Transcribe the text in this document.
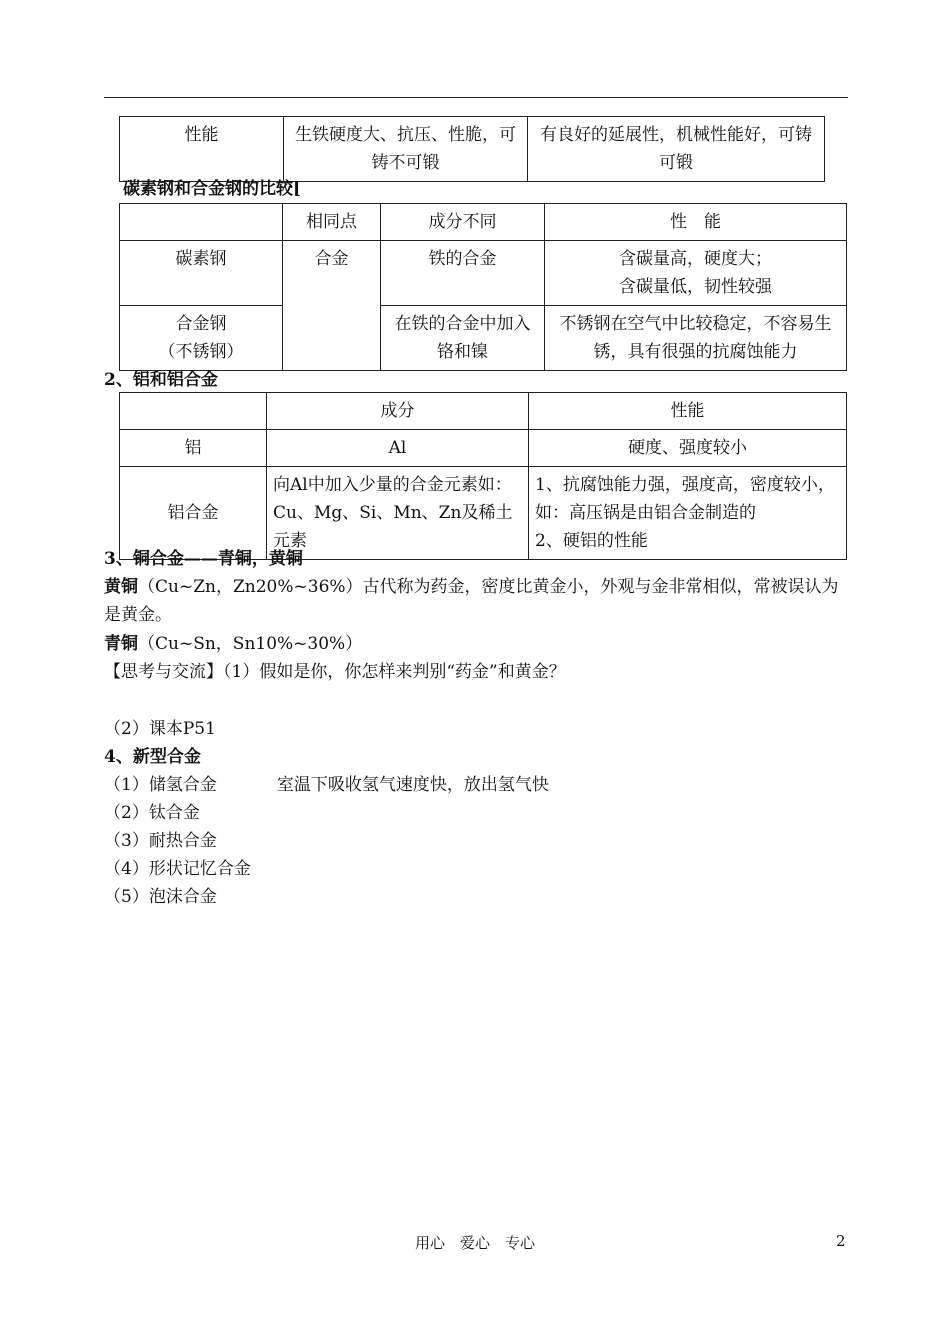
性能	生铁硬度大、抗压、性脆，可铸不可锻	有良好的延展性，机械性能好，可铸可锻
碳素钢和合金钢的比较[
	相同点	成分不同	性　能
碳素钢	合金	铁的合金	含碳量高，硬度大；
含碳量低，韧性较强

合金钢
（不锈钢）		在铁的合金中加入铬和镍	不锈钢在空气中比较稳定，不容易生锈，具有很强的抗腐蚀能力
2、铝和铝合金
	成分	性能
铝	Al	硬度、强度较小
铝合金	向Al中加入少量的合金元素如：Cu、Mg、Si、Mn、Zn及稀土元素	1、抗腐蚀能力强，强度高，密度较小，如：高压锅是由铝合金制造的
2、硬铝的性能
3、铜合金——青铜，黄铜
黄铜（Cu~Zn，Zn20%~36%）古代称为药金，密度比黄金小，外观与金非常相似，常被误认为是黄金。
青铜（Cu~Sn，Sn10%~30%）
【思考与交流】（1）假如是你，你怎样来判别“药金”和黄金？
（2）课本P51
4、新型合金
（1）储氢合金	室温下吸收氢气速度快，放出氢气快
（2）钛合金
（3）耐热合金
（4）形状记忆合金
（5）泡沫合金
用心　爱心　专心	2
